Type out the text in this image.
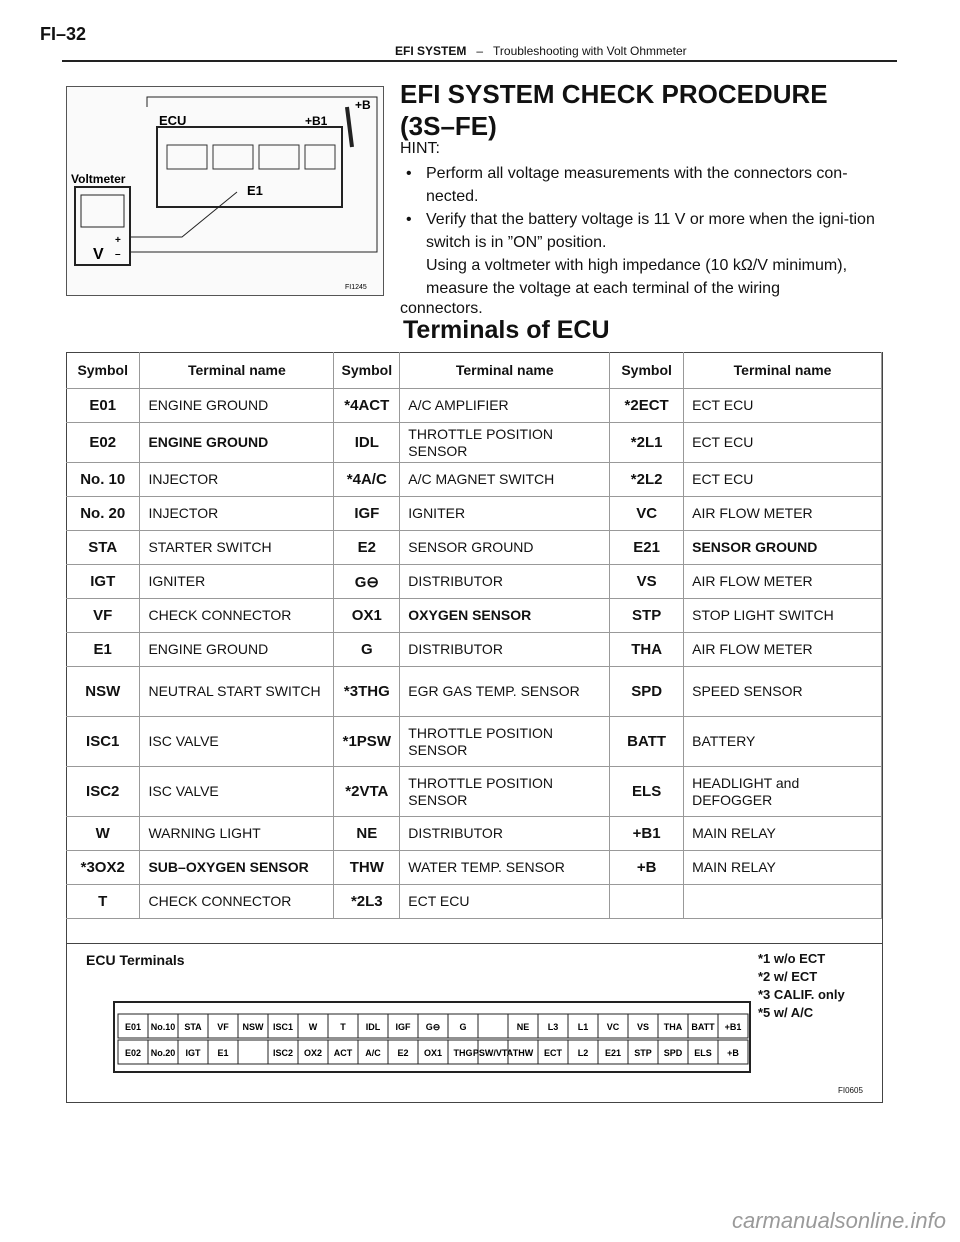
FI–32
EFI SYSTEM – Troubleshooting with Volt Ohmmeter
ECU	+B1
+B
Voltmeter
E1
V
+
–
FI1245
EFI SYSTEM CHECK PROCEDURE
(3S–FE)
HINT:
• Perform all voltage measurements with the connectors con-nected.
• Verify that the battery voltage is 11 V or more when the igni-tion switch is in ”ON” position.
Using a voltmeter with high impedance (10 kΩ/V minimum), measure the voltage at each terminal of the wiring
connectors.
Terminals of ECU
Symbol	Terminal name	Symbol	Terminal name	Symbol	Terminal name
E01	ENGINE GROUND	*4ACT	A/C AMPLIFIER	*2ECT	ECT ECU
E02	ENGINE GROUND	IDL	THROTTLE POSITION SENSOR	*2L1	ECT ECU
No. 10	INJECTOR	*4A/C	A/C MAGNET SWITCH	*2L2	ECT ECU
No. 20	INJECTOR	IGF	IGNITER	VC	AIR FLOW METER
STA	STARTER SWITCH	E2	SENSOR GROUND	E21	SENSOR GROUND
IGT	IGNITER	G⊖	DISTRIBUTOR	VS	AIR FLOW METER
VF	CHECK CONNECTOR	OX1	OXYGEN SENSOR	STP	STOP LIGHT SWITCH
E1	ENGINE GROUND	G	DISTRIBUTOR	THA	AIR FLOW METER
NSW	NEUTRAL START SWITCH	*3THG	EGR GAS TEMP. SENSOR	SPD	SPEED SENSOR
ISC1	ISC VALVE	*1PSW	THROTTLE POSITION SENSOR	BATT	BATTERY
ISC2	ISC VALVE	*2VTA	THROTTLE POSITION SENSOR	ELS	HEADLIGHT and DEFOGGER
W	WARNING LIGHT	NE	DISTRIBUTOR	+B1	MAIN RELAY
*3OX2	SUB–OXYGEN SENSOR	THW	WATER TEMP. SENSOR	+B	MAIN RELAY
T	CHECK CONNECTOR	*2L3	ECT ECU		
ECU Terminals	*1 w/o ECT
*2 w/ ECT
*3 CALIF. only
*5 w/ A/C
E01 No.10 STA VF NSW ISC1 W	T IDL IGF G⊖ G	NE L3 L1 VC VS THA BATT +B1
E02 No.20 IGT E1	ISC2 OX2 ACT A/C E2 OX1 THG PSW/VTA THW ECT L2 E21 STP SPD ELS +B
FI0605
carmanualsonline.info
